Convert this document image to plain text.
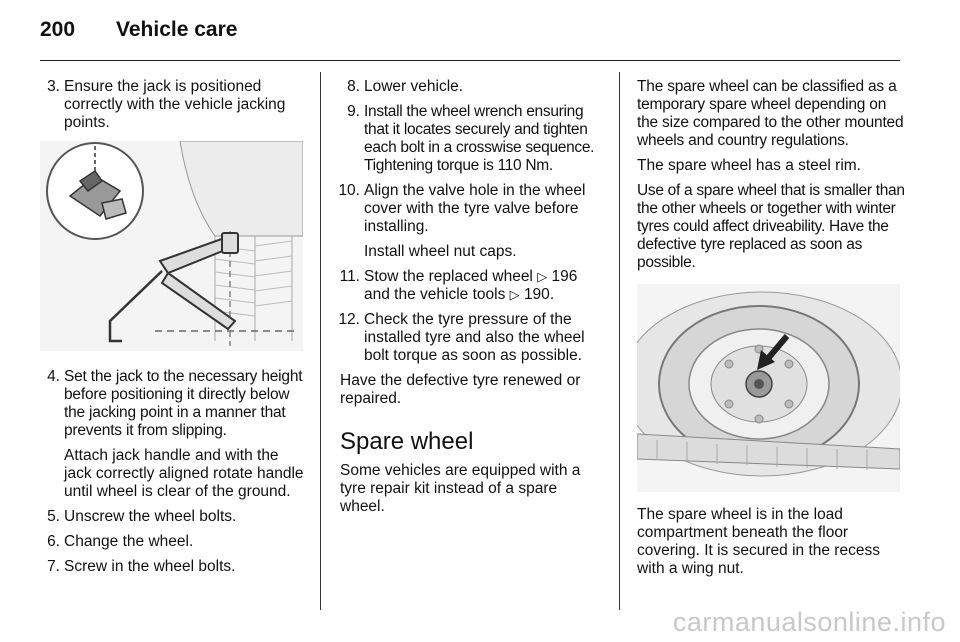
200	Vehicle care
3. Ensure the jack is positioned correctly with the vehicle jacking points.

4. Set the jack to the necessary height before positioning it directly below the jacking point in a manner that prevents it from slipping.

Attach jack handle and with the jack correctly aligned rotate handle until wheel is clear of the ground.

5. Unscrew the wheel bolts.

6. Change the wheel.

7. Screw in the wheel bolts.

8. Lower vehicle.

9. Install the wheel wrench ensuring that it locates securely and tighten each bolt in a crosswise sequence. Tightening torque is 110 Nm.

10. Align the valve hole in the wheel cover with the tyre valve before installing.

Install wheel nut caps.

11. Stow the replaced wheel ▷ 196 and the vehicle tools ▷ 190.

12. Check the tyre pressure of the installed tyre and also the wheel bolt torque as soon as possible.

Have the defective tyre renewed or repaired.

Spare wheel

Some vehicles are equipped with a tyre repair kit instead of a spare wheel.

The spare wheel can be classified as a temporary spare wheel depending on the size compared to the other mounted wheels and country regulations.

The spare wheel has a steel rim.

Use of a spare wheel that is smaller than the other wheels or together with winter tyres could affect driveability. Have the defective tyre replaced as soon as possible.

The spare wheel is in the load compartment beneath the floor covering. It is secured in the recess with a wing nut.

carmanualsonline.info
